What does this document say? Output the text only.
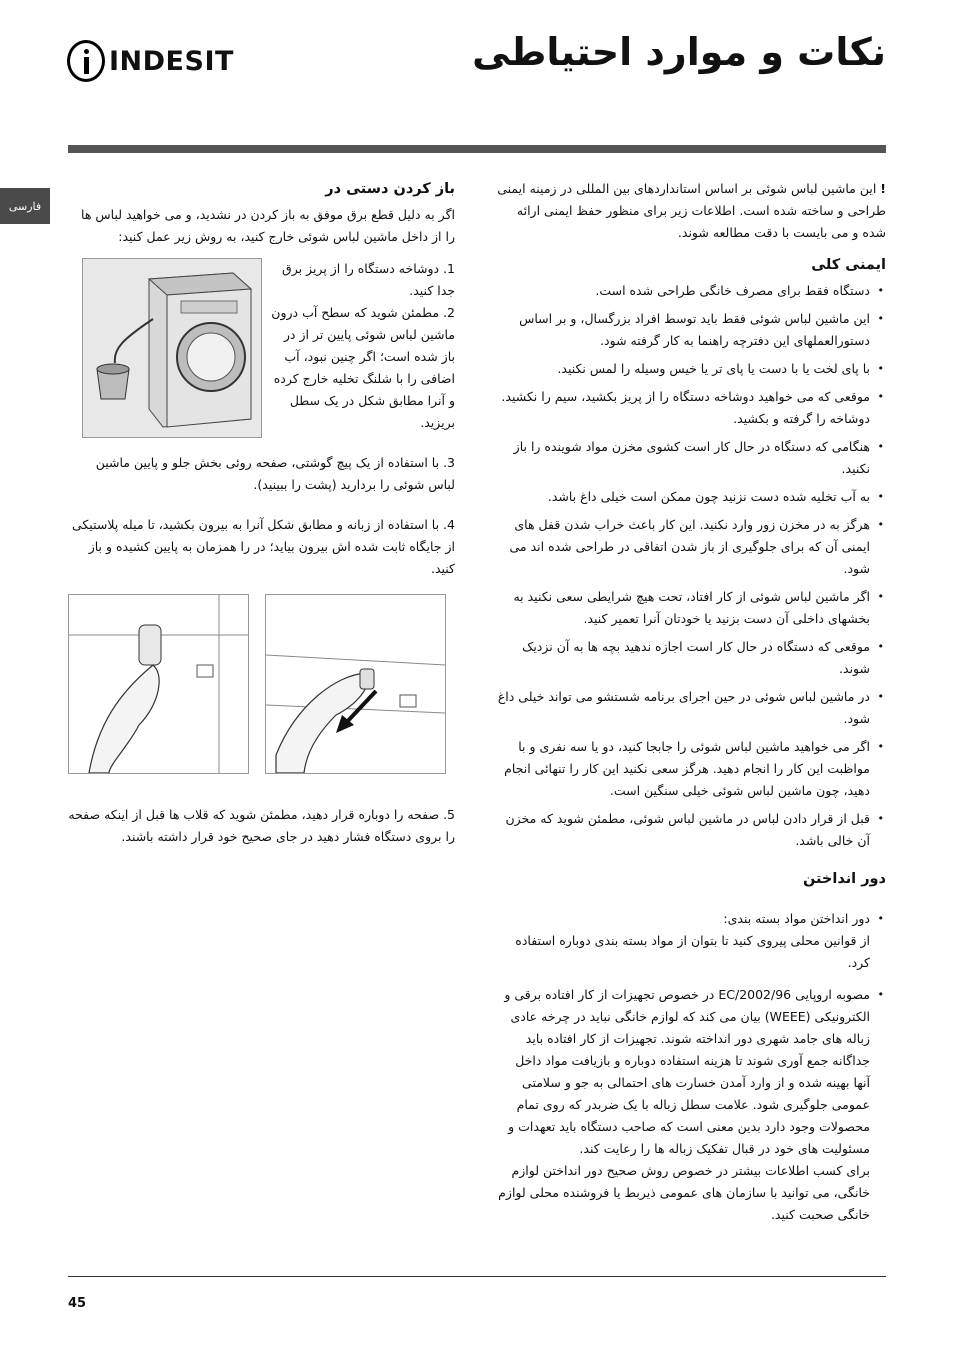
INDESIT	نکات و موارد احتیاطی
فارسی

!این ماشین لباس شوئی بر اساس استانداردهای بین المللی در زمینه ایمنی طراحی و ساخته شده است. اطلاعات زیر برای منظور حفظ ایمنی ارائه شده و می بایست با دقت مطالعه شوند.

ایمنی کلی
• دستگاه فقط برای مصرف خانگی طراحی شده است.
• این ماشین لباس شوئی فقط باید توسط افراد بزرگسال، و بر اساس دستورالعملهای این دفترچه راهنما به کار گرفته شود.
• با پای لخت یا با دست یا پای تر یا خیس وسیله را لمس نکنید.
• موقعی که می خواهید دوشاخه دستگاه را از پریز بکشید، سیم را نکشید. دوشاخه را گرفته و بکشید.
• هنگامی که دستگاه در حال کار است کشوی مخزن مواد شوینده را باز نکنید.
• به آب تخلیه شده دست نزنید چون ممکن است خیلی داغ باشد.
• هرگز به در مخزن زور وارد نکنید. این کار باعث خراب شدن قفل های ایمنی آن که برای جلوگیری از باز شدن اتفاقی در طراحی شده اند می شود.
• اگر ماشین لباس شوئی از کار افتاد، تحت هیچ شرایطی سعی نکنید به بخشهای داخلی آن دست بزنید یا خودتان آنرا تعمیر کنید.
• موقعی که دستگاه در حال کار است اجازه ندهید بچه ها به آن نزدیک شوند.
• در ماشین لباس شوئی در حین اجرای برنامه شستشو می تواند خیلی داغ شود.
• اگر می خواهید ماشین لباس شوئی را جابجا کنید، دو یا سه نفری و با مواظبت این کار را انجام دهید. هرگز سعی نکنید این کار را تنهائی انجام دهید، چون ماشین لباس شوئی خیلی سنگین است.
• قبل از قرار دادن لباس در ماشین لباس شوئی، مطمئن شوید که مخزن آن خالی باشد.
دور انداختن
• دور انداختن مواد بسته بندی:
از قوانین محلی پیروی کنید تا بتوان از مواد بسته بندی دوباره استفاده کرد.
• مصوبه اروپایی 2002/96/EC در خصوص تجهیزات از کار افتاده برقی و الکترونیکی (WEEE) بیان می کند که لوازم خانگی نباید در چرخه عادی زباله های جامد شهری دور انداخته شوند. تجهیزات از کار افتاده باید جداگانه جمع آوری شوند تا هزینه استفاده دوباره و بازیافت مواد داخل آنها بهینه شده و از وارد آمدن خسارت های احتمالی به جو و سلامتی عمومی جلوگیری شود. علامت سطل زباله با یک ضربدر که روی تمام محصولات وجود دارد بدین معنی است که صاحب دستگاه باید تعهدات و مسئولیت های خود در قبال تفکیک زباله ها را رعایت کند.
برای کسب اطلاعات بیشتر در خصوص روش صحیح دور انداختن لوازم خانگی، می توانید با سازمان های عمومی ذیربط یا فروشنده محلی لوازم خانگی صحبت کنید.
باز کردن دستی در

اگر به دلیل قطع برق موفق به باز کردن در نشدید، و می خواهید لباس ها را از داخل ماشین لباس شوئی خارج کنید، به روش زیر عمل کنید:

1. دوشاخه دستگاه را از پریز برق جدا کنید.

2. مطمئن شوید که سطح آب درون ماشین لباس شوئی پایین تر از در باز شده است؛ اگر چنین نبود، آب اضافی را با شلنگ تخلیه خارج کرده و آنرا مطابق شکل در یک سطل بریزید.

3. با استفاده از یک پیچ گوشتی، صفحه روئی بخش جلو و پایین ماشین لباس شوئی را بردارید (پشت را ببینید).

4. با استفاده از زبانه و مطابق شکل آنرا به بیرون بکشید، تا میله پلاستیکی از جایگاه ثابت شده اش بیرون بیاید؛ در را همزمان به پایین کشیده و باز کنید.

5. صفحه را دوباره قرار دهید، مطمئن شوید که قلاب ها قبل از اینکه صفحه را بروی دستگاه فشار دهید در جای صحیح خود قرار داشته باشند.

45
